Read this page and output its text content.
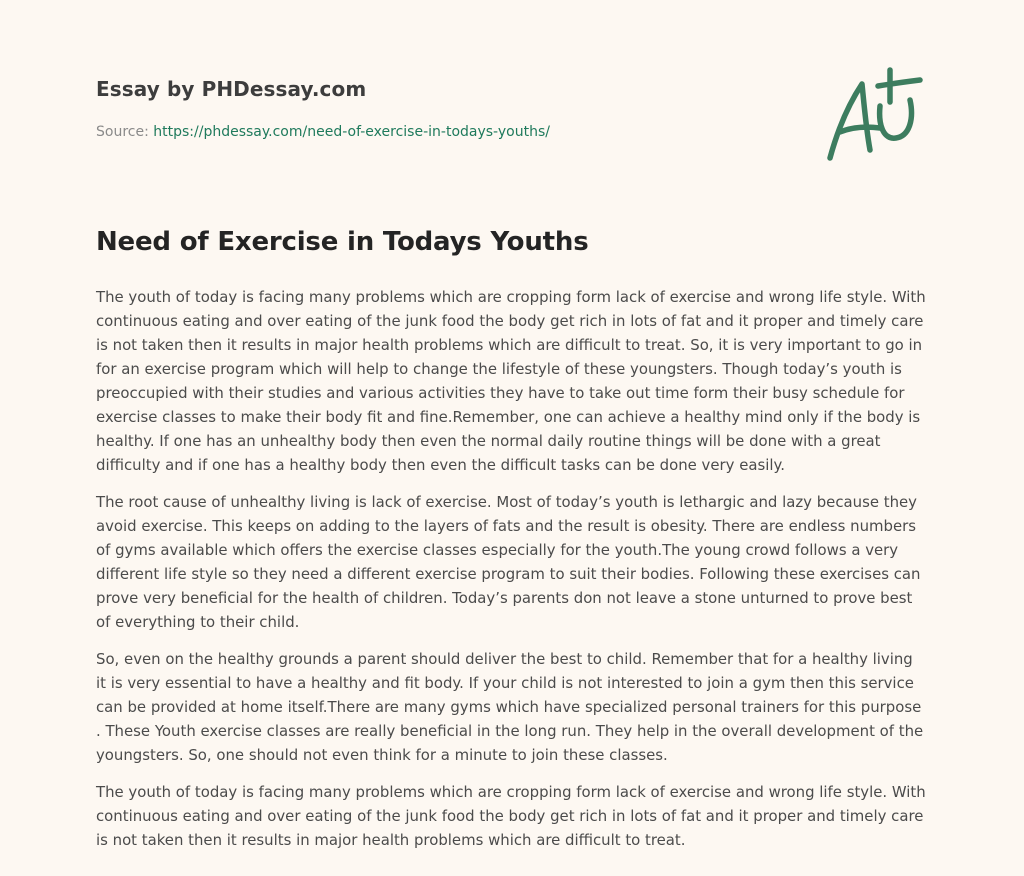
Essay by PHDessay.com

Source: https://phdessay.com/need-of-exercise-in-todays-youths/

Need of Exercise in Todays Youths

The youth of today is facing many problems which are cropping form lack of exercise and wrong life style. With continuous eating and over eating of the junk food the body get rich in lots of fat and it proper and timely care is not taken then it results in major health problems which are difficult to treat. So, it is very important to go in for an exercise program which will help to change the lifestyle of these youngsters. Though today’s youth is preoccupied with their studies and various activities they have to take out time form their busy schedule for exercise classes to make their body fit and fine.Remember, one can achieve a healthy mind only if the body is healthy. If one has an unhealthy body then even the normal daily routine things will be done with a great difficulty and if one has a healthy body then even the difficult tasks can be done very easily.

The root cause of unhealthy living is lack of exercise. Most of today’s youth is lethargic and lazy because they avoid exercise. This keeps on adding to the layers of fats and the result is obesity. There are endless numbers of gyms available which offers the exercise classes especially for the youth.The young crowd follows a very different life style so they need a different exercise program to suit their bodies. Following these exercises can prove very beneficial for the health of children. Today’s parents don not leave a stone unturned to prove best of everything to their child.

So, even on the healthy grounds a parent should deliver the best to child. Remember that for a healthy living it is very essential to have a healthy and fit body. If your child is not interested to join a gym then this service can be provided at home itself.There are many gyms which have specialized personal trainers for this purpose . These Youth exercise classes are really beneficial in the long run. They help in the overall development of the youngsters. So, one should not even think for a minute to join these classes.

The youth of today is facing many problems which are cropping form lack of exercise and wrong life style. With continuous eating and over eating of the junk food the body get rich in lots of fat and it proper and timely care is not taken then it results in major health problems which are difficult to treat.
